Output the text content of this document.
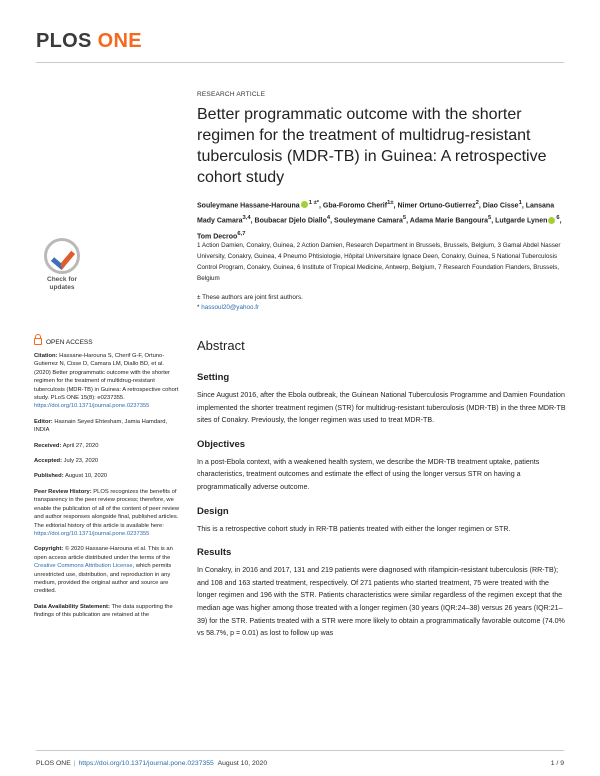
PLOS ONE
RESEARCH ARTICLE
Better programmatic outcome with the shorter regimen for the treatment of multidrug-resistant tuberculosis (MDR-TB) in Guinea: A retrospective cohort study
Souleymane Hassane-Harouna $^{1 \pm*}$, Gba-Foromo Cherif$^{1\pm}$, Nimer Ortuno-Gutierrez$^2$, Diao Cisse$^1$, Lansana Mady Camara$^{3,4}$, Boubacar Djelo Diallo$^4$, Souleymane Camara$^5$, Adama Marie Bangoura$^5$, Lutgarde Lynen $^6$, Tom Decroo$^{6,7}$
1 Action Damien, Conakry, Guinea, 2 Action Damien, Research Department in Brussels, Brussels, Belgium, 3 Gamal Abdel Nasser University, Conakry, Guinea, 4 Pneumo Phtisiologie, Hôpital Universitaire Ignace Deen, Conakry, Guinea, 5 National Tuberculosis Control Program, Conakry, Guinea, 6 Institute of Tropical Medicine, Antwerp, Belgium, 7 Research Foundation Flanders, Brussels, Belgium
± These authors are joint first authors.
* hassoul20@yahoo.fr
Check for
updates
OPEN ACCESS

Citation: Hassane-Harouna S, Cherif G-F, Ortuno-Gutierrez N, Cisse D, Camara LM, Diallo BD, et al. (2020) Better programmatic outcome with the shorter regimen for the treatment of multidrug-resistant tuberculosis (MDR-TB) in Guinea: A retrospective cohort study. PLoS ONE 15(8): e0237355. https://doi.org/10.1371/journal.pone.0237355

Editor: Hasnain Seyed Ehtesham, Jamia Hamdard, INDIA

Received: April 27, 2020

Accepted: July 23, 2020

Published: August 10, 2020

Peer Review History: PLOS recognizes the benefits of transparency in the peer review process; therefore, we enable the publication of all of the content of peer review and author responses alongside final, published articles. The editorial history of this article is available here: https://doi.org/10.1371/journal.pone.0237355

Copyright: © 2020 Hassane-Harouna et al. This is an open access article distributed under the terms of the Creative Commons Attribution License, which permits unrestricted use, distribution, and reproduction in any medium, provided the original author and source are credited.

Data Availability Statement: The data supporting the findings of this publication are retained at the

Abstract
Setting

Since August 2016, after the Ebola outbreak, the Guinean National Tuberculosis Programme and Damien Foundation implemented the shorter treatment regimen (STR) for multidrug-resistant tuberculosis (MDR-TB) in the three MDR-TB sites of Conakry. Previously, the longer regimen was used to treat MDR-TB.

Objectives

In a post-Ebola context, with a weakened health system, we describe the MDR-TB treatment uptake, patients characteristics, treatment outcomes and estimate the effect of using the longer versus STR on having a programmatically adverse outcome.

Design

This is a retrospective cohort study in RR-TB patients treated with either the longer regimen or STR.

Results

In Conakry, in 2016 and 2017, 131 and 219 patients were diagnosed with rifampicin-resistant tuberculosis (RR-TB); and 108 and 163 started treatment, respectively. Of 271 patients who started treatment, 75 were treated with the longer regimen and 196 with the STR. Patients characteristics were similar regardless of the regimen except that the median age was higher among those treated with a longer regimen (30 years (IQR:24–38) versus 26 years (IQR:21–39) for the STR. Patients treated with a STR were more likely to obtain a programmatically favorable outcome (74.0% vs 58.7%, p = 0.01) as lost to follow up was

PLOS ONE | https://doi.org/10.1371/journal.pone.0237355 August 10, 2020	1 / 9
